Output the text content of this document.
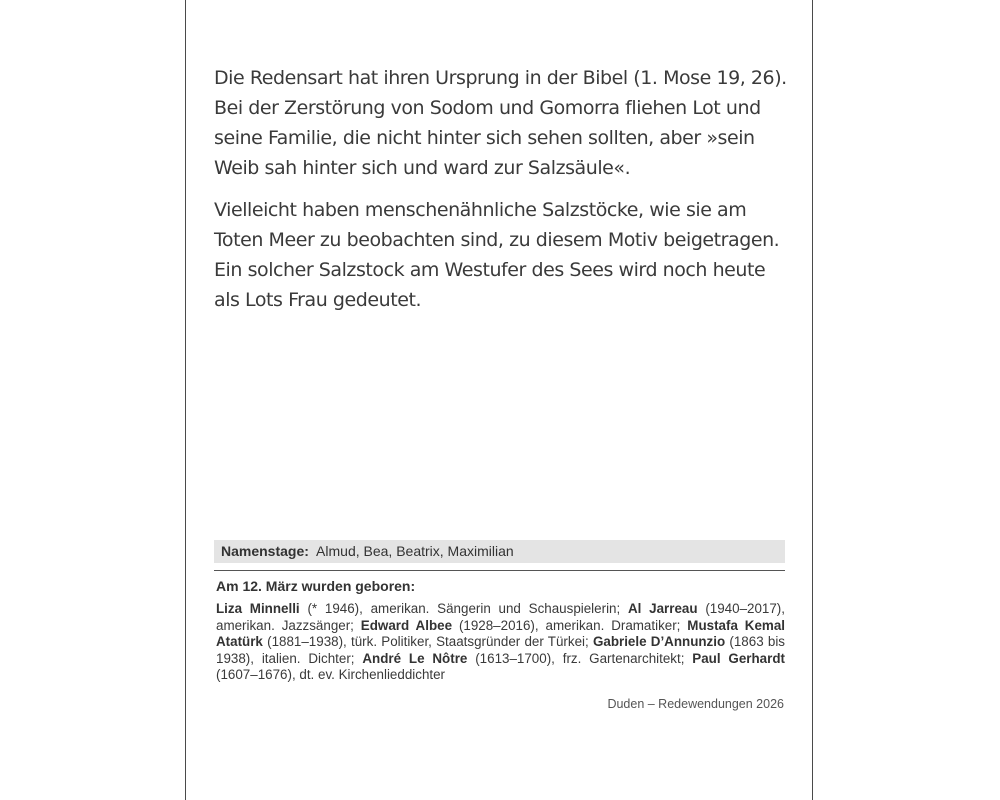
Die Redensart hat ihren Ursprung in der Bibel (1. Mose 19, 26). Bei der Zerstörung von Sodom und Gomorra fliehen Lot und seine Familie, die nicht hinter sich sehen sollten, aber »sein Weib sah hinter sich und ward zur Salzsäule«.

Vielleicht haben menschenähnliche Salzstöcke, wie sie am Toten Meer zu beobachten sind, zu diesem Motiv beigetragen. Ein solcher Salzstock am Westufer des Sees wird noch heute als Lots Frau gedeutet.

Namenstage: Almud, Bea, Beatrix, Maximilian
Am 12. März wurden geboren:
Liza Minnelli (* 1946), amerikan. Sängerin und Schauspielerin; Al Jarreau (1940–2017), amerikan. Jazzsänger; Edward Albee (1928–2016), amerikan. Dramatiker; Mustafa Kemal Atatürk (1881–1938), türk. Politiker, Staatsgründer der Türkei; Gabriele D’Annunzio (1863 bis 1938), italien. Dichter; André Le Nôtre (1613–1700), frz. Gartenarchitekt; Paul Gerhardt (1607–1676), dt. ev. Kirchenlieddichter
Duden – Redewendungen 2026
